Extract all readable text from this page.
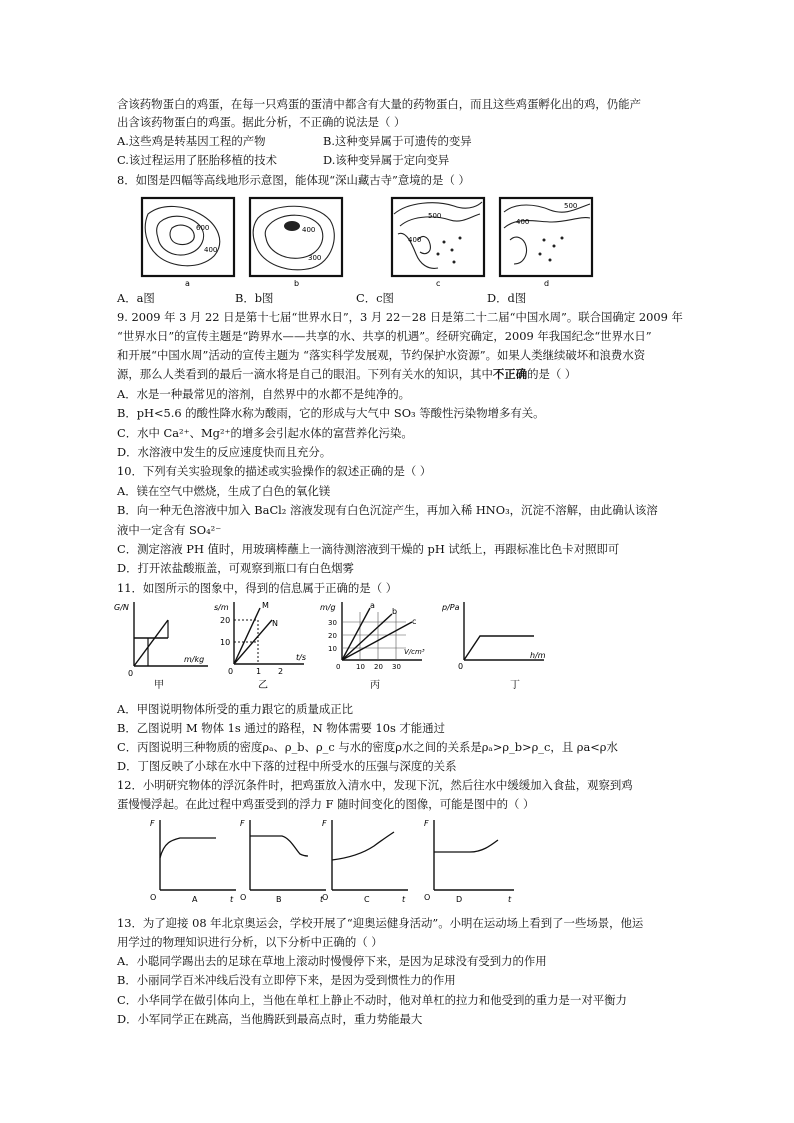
含该药物蛋白的鸡蛋，在每一只鸡蛋的蛋清中都含有大量的药物蛋白，而且这些鸡蛋孵化出的鸡，仍能产
出含该药物蛋白的鸡蛋。据此分析，不正确的说法是（ ）
A.这些鸡是转基因工程的产物	B.这种变异属于可遗传的变异
C.该过程运用了胚胎移植的技术	D.该种变异属于定向变异
8．如图是四幅等高线地形示意图，能体现“深山藏古寺”意境的是（ ）
600
400
a
400
300
b
500
400
c
500
400
d
A．a图	B．b图	C．c图	D．d图
9. 2009 年 3 月 22 日是第十七届“世界水日”，3 月 22－28 日是第二十二届“中国水周”。联合国确定 2009 年
“世界水日”的宣传主题是“跨界水——共享的水、共享的机遇”。经研究确定，2009 年我国纪念“世界水日”
和开展“中国水周”活动的宣传主题为 “落实科学发展观，节约保护水资源”。如果人类继续破坏和浪费水资
源，那么人类看到的最后一滴水将是自己的眼泪。下列有关水的知识，其中不正确的是（ ）
A．水是一种最常见的溶剂，自然界中的水都不是纯净的。
B．pH<5.6 的酸性降水称为酸雨，它的形成与大气中 SO₃ 等酸性污染物增多有关。
C．水中 Ca²⁺、Mg²⁺的增多会引起水体的富营养化污染。
D．水溶液中发生的反应速度快而且充分。
10．下列有关实验现象的描述或实验操作的叙述正确的是（ ）
A．镁在空气中燃烧，生成了白色的氧化镁
B．向一种无色溶液中加入 BaCl₂ 溶液发现有白色沉淀产生，再加入稀 HNO₃，沉淀不溶解，由此确认该溶
液中一定含有 SO₄²⁻
C．测定溶液 PH 值时，用玻璃棒蘸上一滴待测溶液到干燥的 pH 试纸上，再跟标准比色卡对照即可
D．打开浓盐酸瓶盖，可观察到瓶口有白色烟雾
11．如图所示的图象中，得到的信息属于正确的是（ ）
G/N
m/kg
0
甲
s/m
t/s
20
10
1 2
M
N
0
乙
m/g
V/cm³
30
20
10
10 20 30
a
b
c
0
丙
p/Pa
h/m
0
丁
A．甲图说明物体所受的重力跟它的质量成正比
B．乙图说明 M 物体 1s 通过的路程，N 物体需要 10s 才能通过
C．丙图说明三种物质的密度ρₐ、ρ_b、ρ_c 与水的密度ρ水之间的关系是ρₐ>ρ_b>ρ_c，且 ρa<ρ水
D．丁图反映了小球在水中下落的过程中所受水的压强与深度的关系
12．小明研究物体的浮沉条件时，把鸡蛋放入清水中，发现下沉，然后往水中缓缓加入食盐，观察到鸡
蛋慢慢浮起。在此过程中鸡蛋受到的浮力 F 随时间变化的图像，可能是图中的（ ）
F
t
O	A
F
t
O	B
F
t
O	C
F
t
O	D
13．为了迎接 08 年北京奥运会，学校开展了“迎奥运健身活动”。小明在运动场上看到了一些场景，他运
用学过的物理知识进行分析，以下分析中正确的（ ）
A．小聪同学踢出去的足球在草地上滚动时慢慢停下来，是因为足球没有受到力的作用
B．小丽同学百米冲线后没有立即停下来，是因为受到惯性力的作用
C．小华同学在做引体向上，当他在单杠上静止不动时，他对单杠的拉力和他受到的重力是一对平衡力
D．小军同学正在跳高，当他腾跃到最高点时，重力势能最大
